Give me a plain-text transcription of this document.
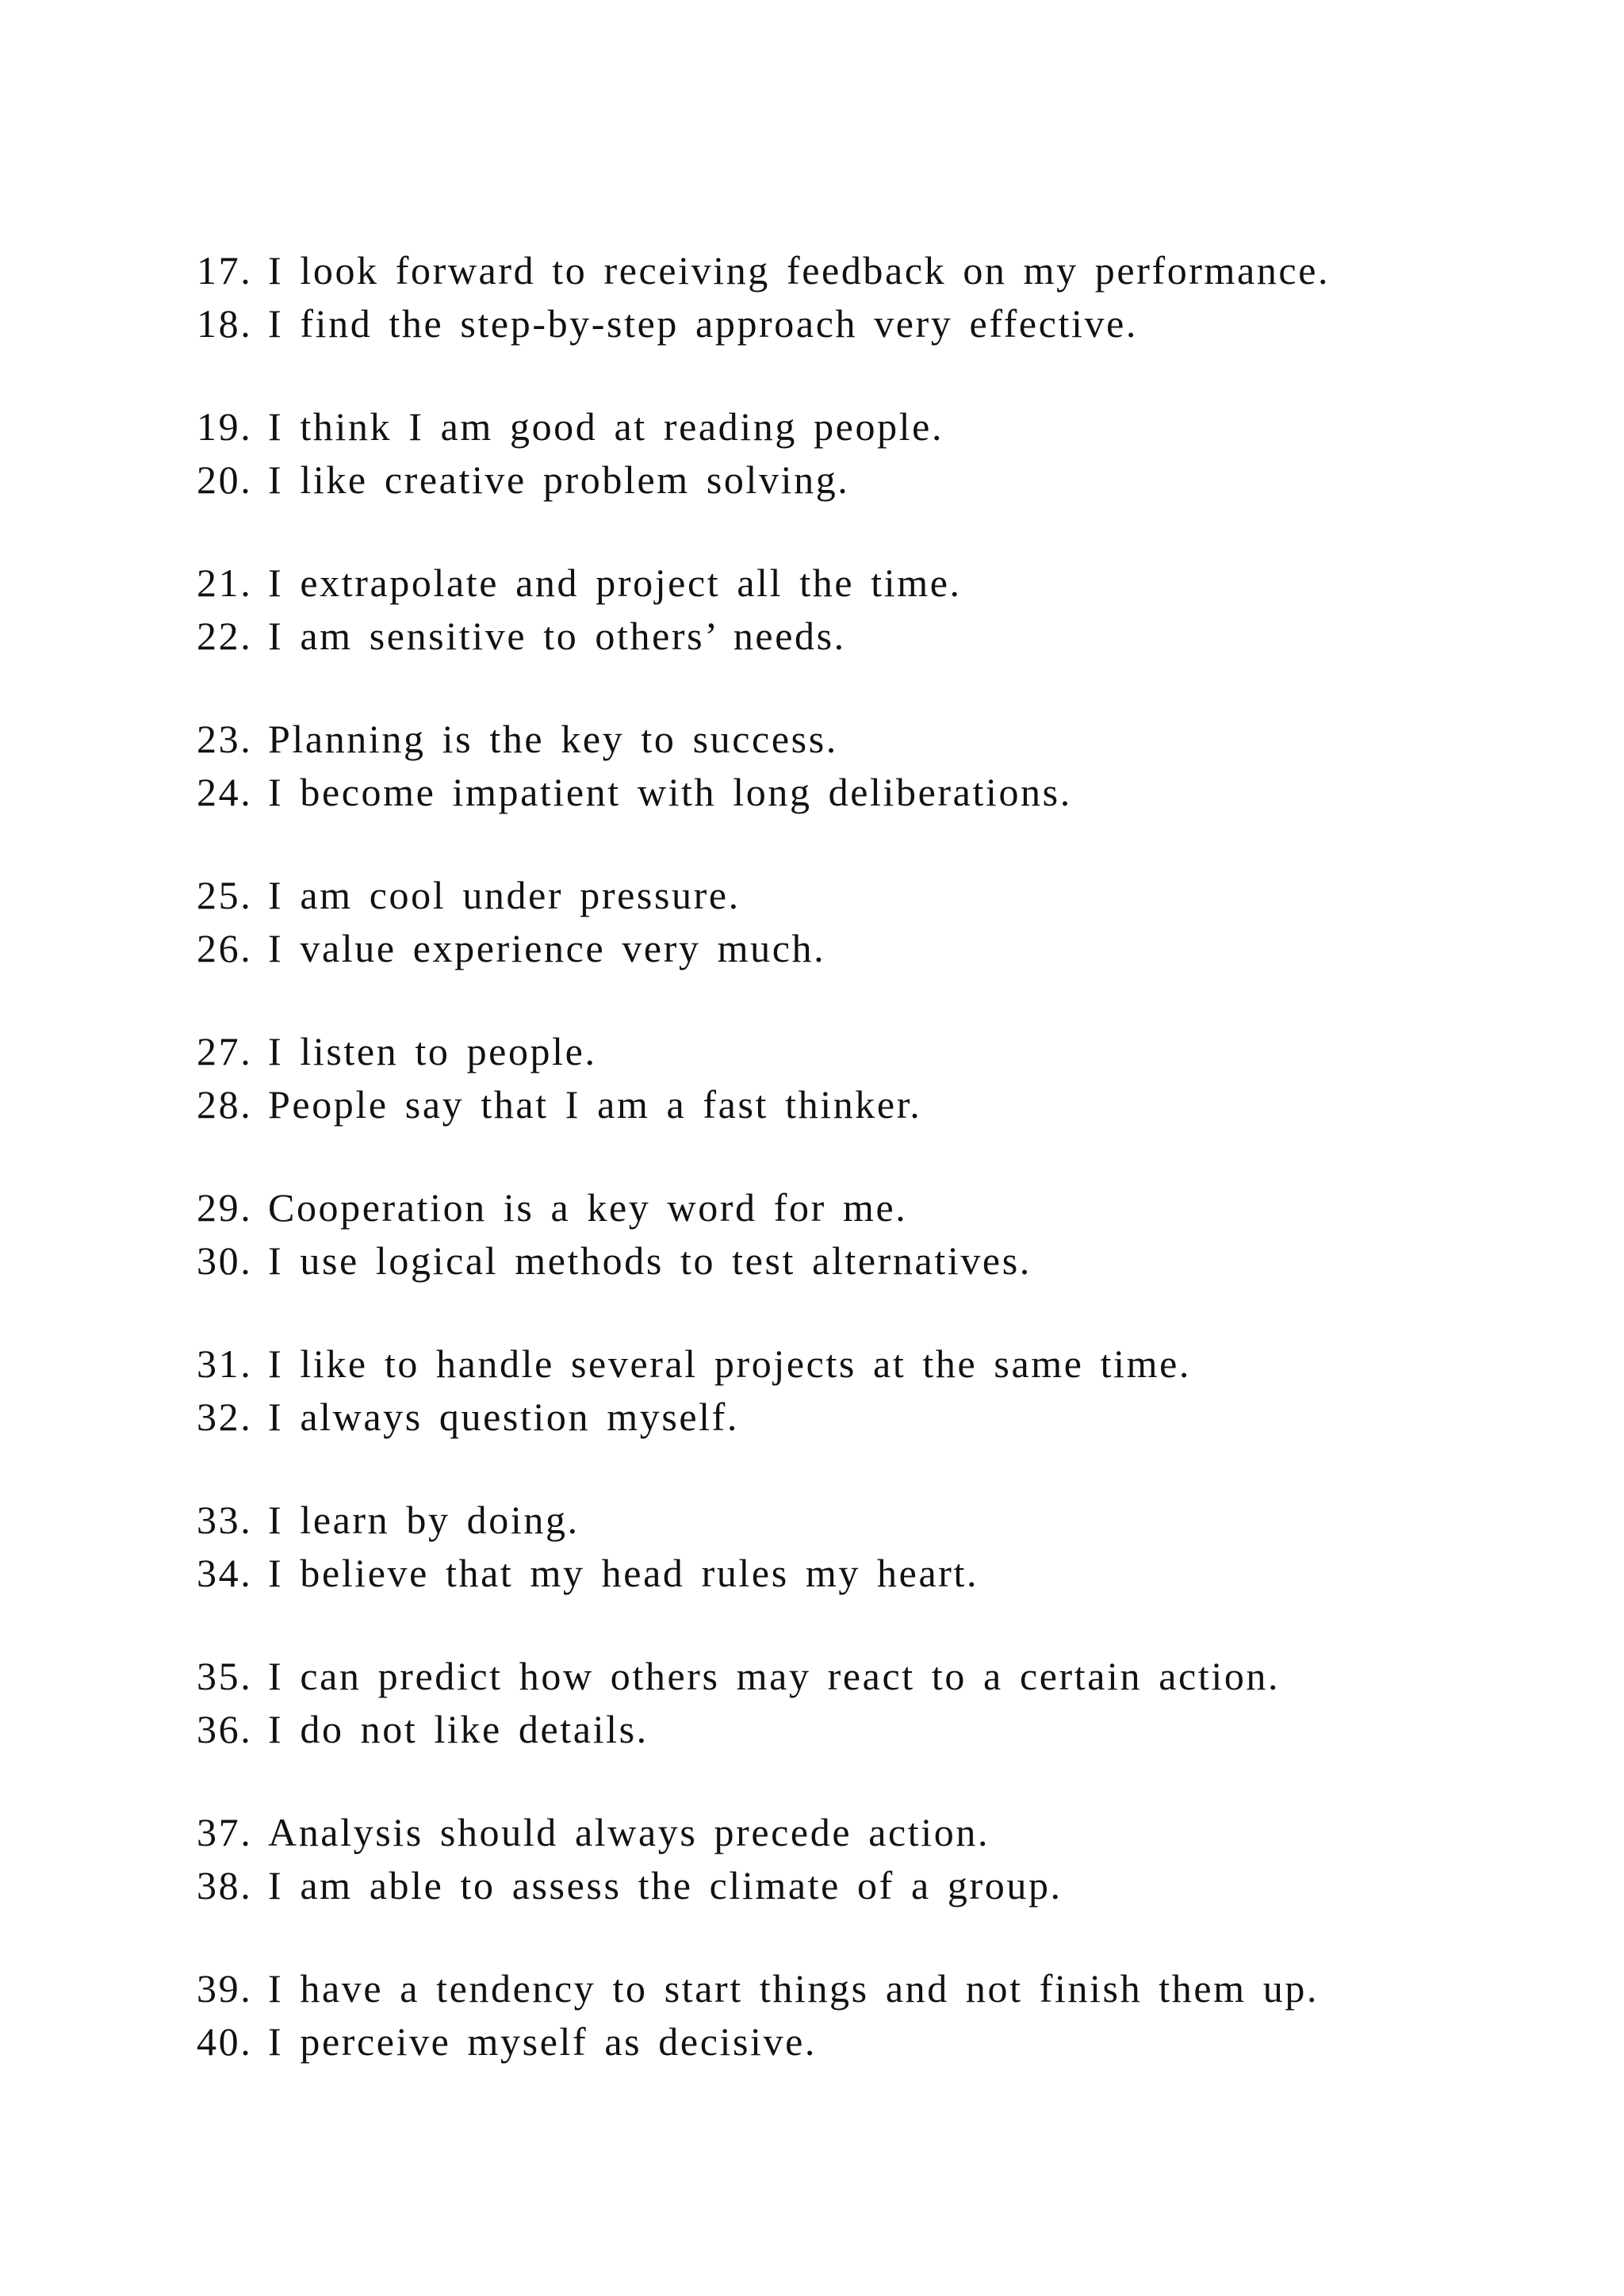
17. I look forward to receiving feedback on my performance.
18. I find the step-by-step approach very effective.
19. I think I am good at reading people.
20. I like creative problem solving.
21. I extrapolate and project all the time.
22. I am sensitive to others’ needs.
23. Planning is the key to success.
24. I become impatient with long deliberations.
25. I am cool under pressure.
26. I value experience very much.
27. I listen to people.
28. People say that I am a fast thinker.
29. Cooperation is a key word for me.
30. I use logical methods to test alternatives.
31. I like to handle several projects at the same time.
32. I always question myself.
33. I learn by doing.
34. I believe that my head rules my heart.
35. I can predict how others may react to a certain action.
36. I do not like details.
37. Analysis should always precede action.
38. I am able to assess the climate of a group.
39. I have a tendency to start things and not finish them up.
40. I perceive myself as decisive.
